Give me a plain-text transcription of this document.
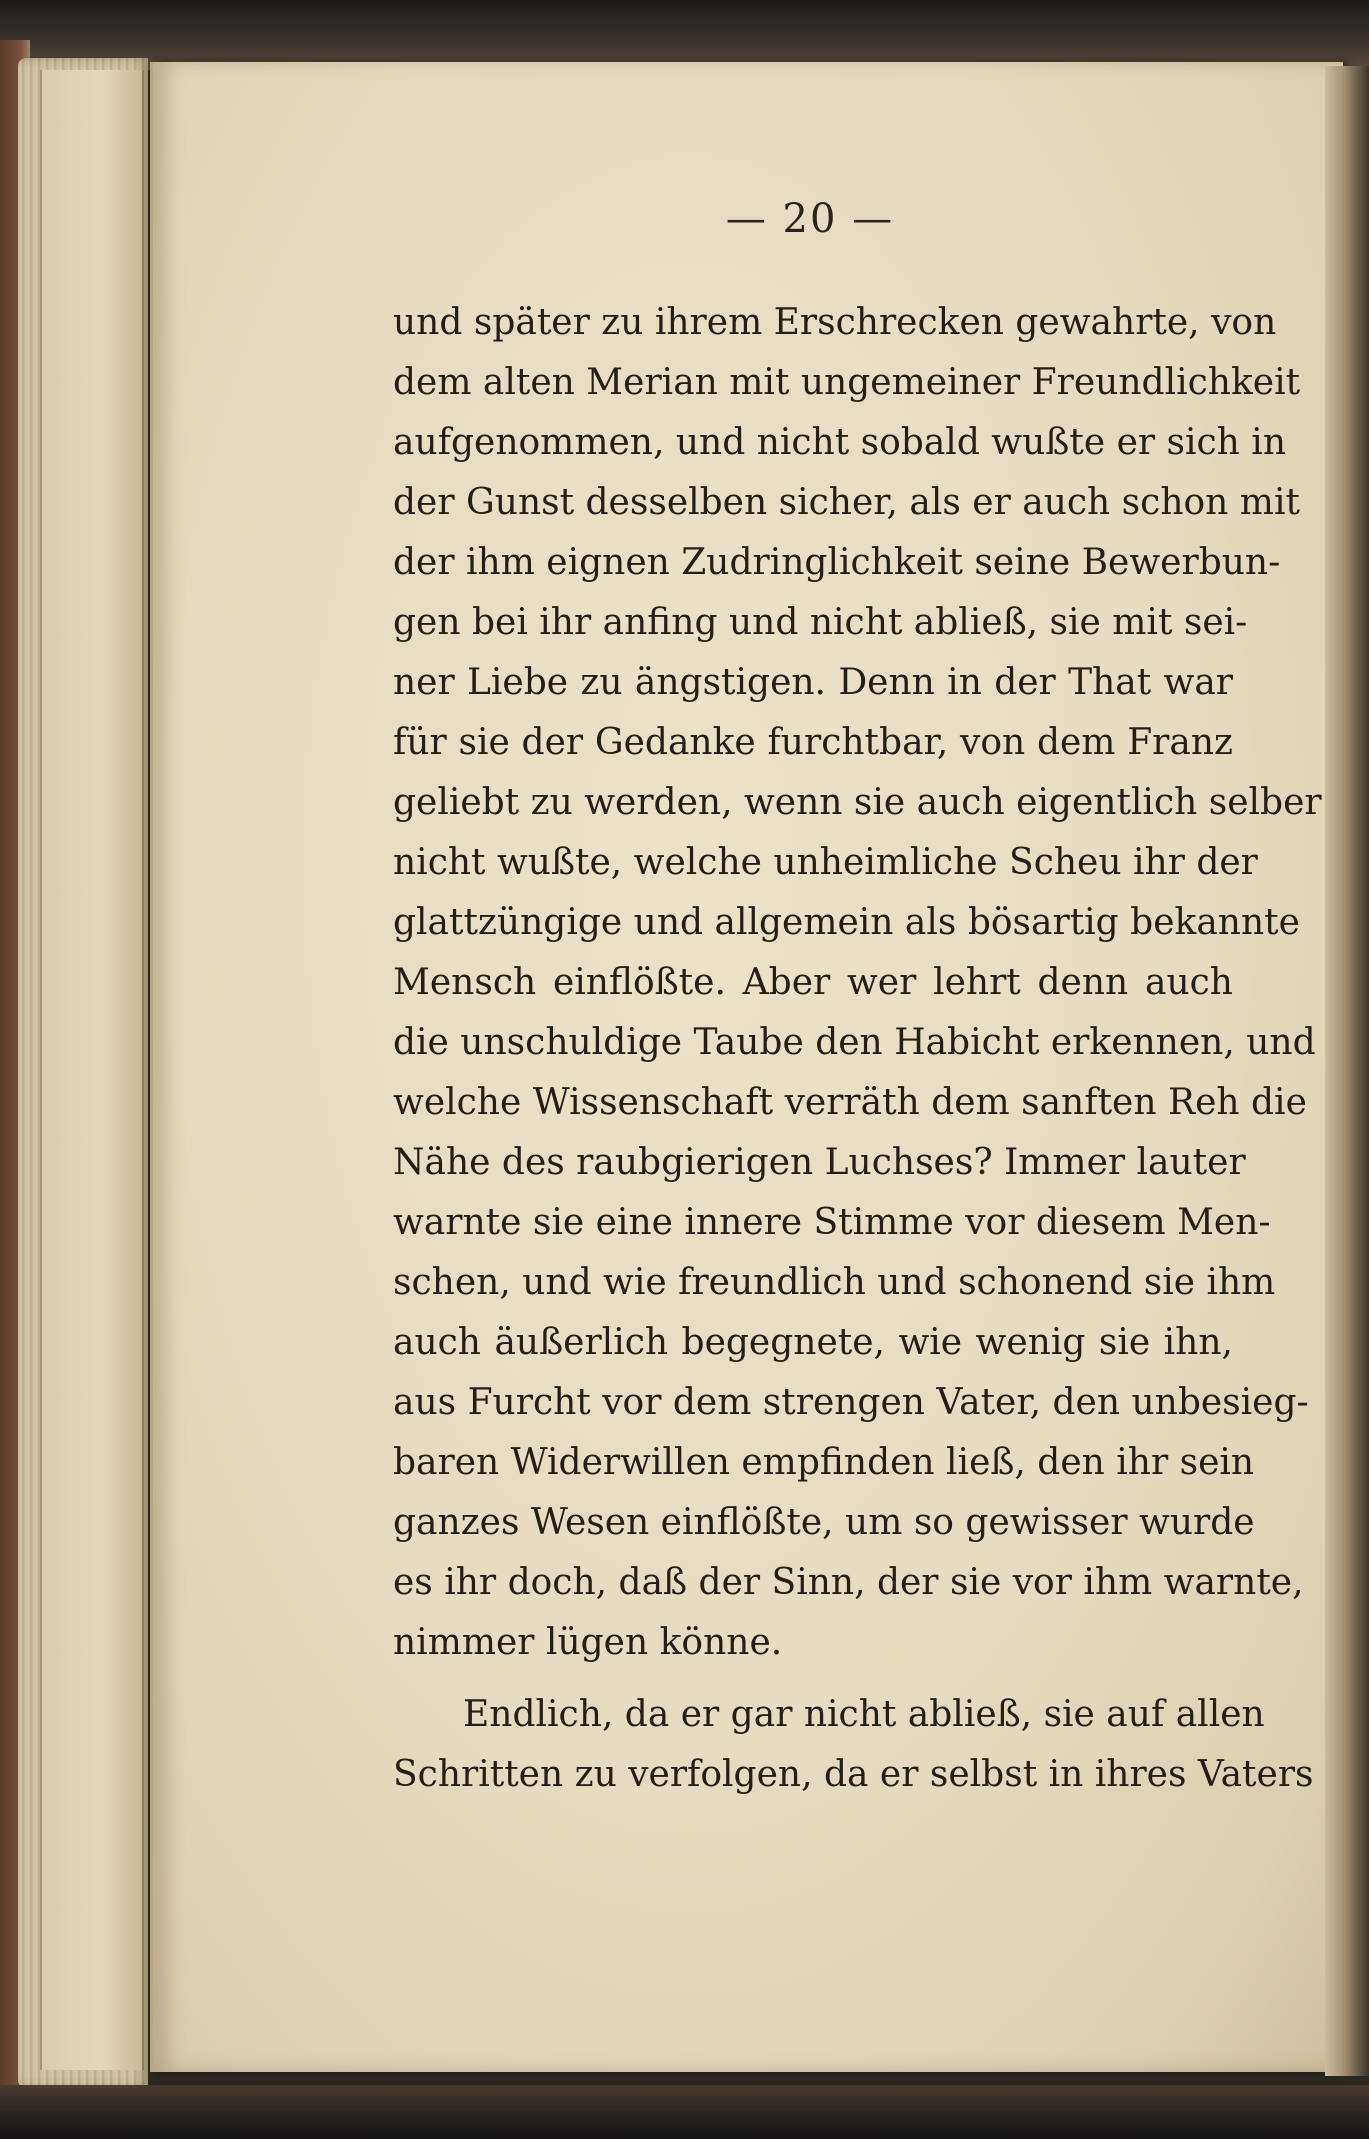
— 20 —

und später zu ihrem Erschrecken gewahrte, von
dem alten Merian mit ungemeiner Freundlichkeit
aufgenommen, und nicht sobald wußte er sich in
der Gunst desselben sicher, als er auch schon mit
der ihm eignen Zudringlichkeit seine Bewerbun-
gen bei ihr anfing und nicht abließ, sie mit sei-
ner Liebe zu ängstigen. Denn in der That war
für sie der Gedanke furchtbar, von dem Franz
geliebt zu werden, wenn sie auch eigentlich selber
nicht wußte, welche unheimliche Scheu ihr der
glattzüngige und allgemein als bösartig bekannte
Mensch einflößte. Aber wer lehrt denn auch
die unschuldige Taube den Habicht erkennen, und
welche Wissenschaft verräth dem sanften Reh die
Nähe des raubgierigen Luchses? Immer lauter
warnte sie eine innere Stimme vor diesem Men-
schen, und wie freundlich und schonend sie ihm
auch äußerlich begegnete, wie wenig sie ihn,
aus Furcht vor dem strengen Vater, den unbesieg-
baren Widerwillen empfinden ließ, den ihr sein
ganzes Wesen einflößte, um so gewisser wurde
es ihr doch, daß der Sinn, der sie vor ihm warnte,
nimmer lügen könne.
Endlich, da er gar nicht abließ, sie auf allen
Schritten zu verfolgen, da er selbst in ihres Vaters
